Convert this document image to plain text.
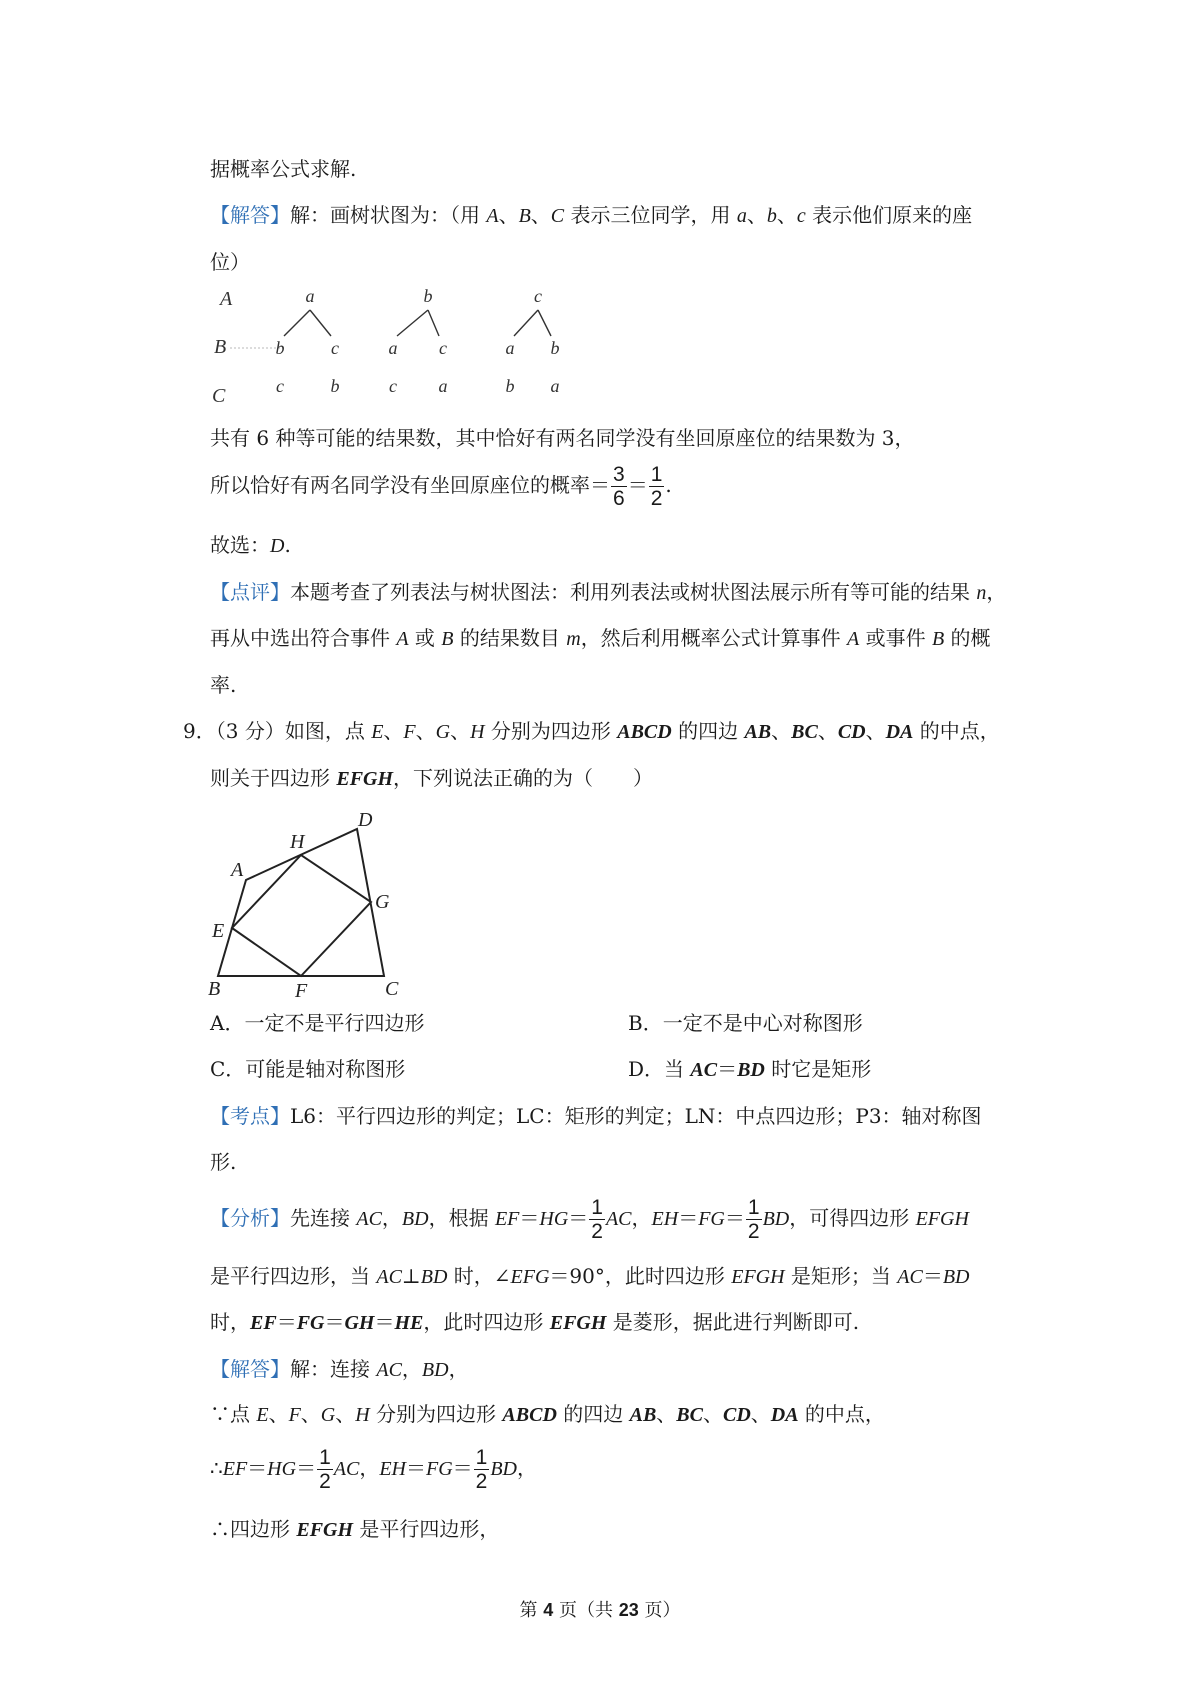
据概率公式求解.
【解答】解：画树状图为：（用 A、B、C 表示三位同学，用 a、b、c 表示他们原来的座
位）
A
B
C
a
b	c
c	b
b
a c
c a
c
a b
b a
共有 6 种等可能的结果数，其中恰好有两名同学没有坐回原座位的结果数为 3，
所以恰好有两名同学没有坐回原座位的概率＝ $\frac{3}{6} = \frac{1}{2}$ .
故选：D.
【点评】本题考查了列表法与树状图法：利用列表法或树状图法展示所有等可能的结果 n，
再从中选出符合事件 A 或 B 的结果数目 m，然后利用概率公式计算事件 A 或事件 B 的概
率.
9．（3 分）如图，点 E、F、G、H 分别为四边形 ABCD 的四边 AB、BC、CD、DA 的中点，
则关于四边形 EFGH，下列说法正确的为（　　）
A
B	C
D
E
F
G
H
A．一定不是平行四边形	B．一定不是中心对称图形
C．可能是轴对称图形	D．当 AC＝BD 时它是矩形
【考点】L6：平行四边形的判定；LC：矩形的判定；LN：中点四边形；P3：轴对称图
形.
【分析】先连接 AC，BD，根据 $EF=HG= \frac{1}{2}$ AC，$EH=FG= \frac{1}{2}$ BD，可得四边形 EFGH
是平行四边形，当 AC⊥BD 时，∠EFG＝90°，此时四边形 EFGH 是矩形；当 AC＝BD
时，EF＝FG＝GH＝HE，此时四边形 EFGH 是菱形，据此进行判断即可.
【解答】解：连接 AC，BD，
∵点 E、F、G、H 分别为四边形 ABCD 的四边 AB、BC、CD、DA 的中点，
∴EF＝HG＝ $\frac{1}{2}$ AC，$EH=FG= \frac{1}{2}$ BD，
∴四边形 EFGH 是平行四边形，
第 4 页（共 23 页）
